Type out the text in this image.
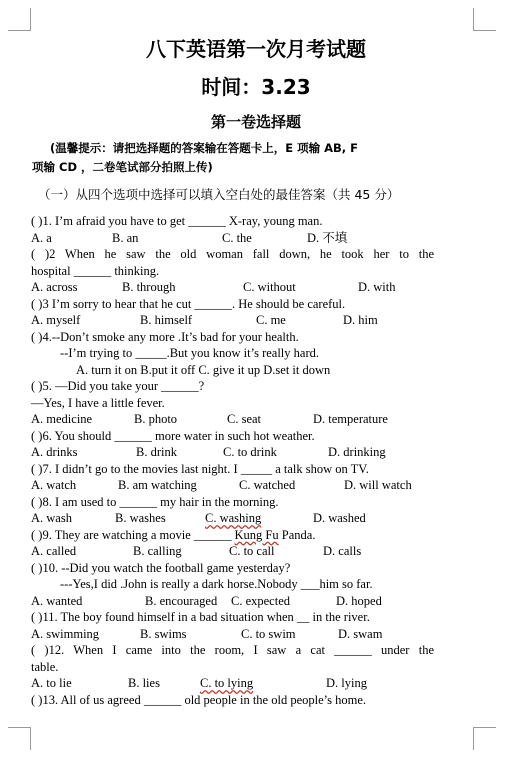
八下英语第一次月考试题
时间：3.23
第一卷选择题
(温馨提示：请把选择题的答案输在答题卡上，E 项输 AB, F
项输 CD ，二卷笔试部分拍照上传)
（一）从四个选项中选择可以填入空白处的最佳答案（共 45 分）
( )1. I’m afraid you have to get ______ X-ray, young man.
A. a	B. an	C. the	D. 不填
( )2 When he saw the old woman fall down, he took her to the
hospital ______ thinking.
A. across	B. through	C. without	D. with
( )3 I’m sorry to hear that he cut ______. He should be careful.
A. myself	B. himself	C. me	D. him
( )4.--Don’t smoke any more .It’s bad for your health.
--I’m trying to _____.But you know it’s really hard.
A. turn it on B.put it off C. give it up D.set it down
( )5. —Did you take your ______?
—Yes, I have a little fever.
A. medicine	B. photo	C. seat	D. temperature
( )6. You should ______ more water in such hot weather.
A. drinks	B. drink	C. to drink	D. drinking
( )7. I didn’t go to the movies last night. I _____ a talk show on TV.
A. watch	B. am watching	C. watched	D. will watch
( )8. I am used to ______ my hair in the morning.
A. wash	B. washes	C. washing	D. washed
( )9. They are watching a movie ______ Kung Fu Panda.
A. called	B. calling	C. to call	D. calls
( )10. --Did you watch the football game yesterday?
---Yes,I did .John is really a dark horse.Nobody ___him so far.
A. wanted	B. encouraged C. expected	D. hoped
( )11. The boy found himself in a bad situation when __ in the river.
A. swimming	B. swims	C. to swim	D. swam
( )12. When I came into the room, I saw a cat ______ under the
table.
A. to lie	B. lies	C. to lying	D. lying
( )13. All of us agreed ______ old people in the old people’s home.
